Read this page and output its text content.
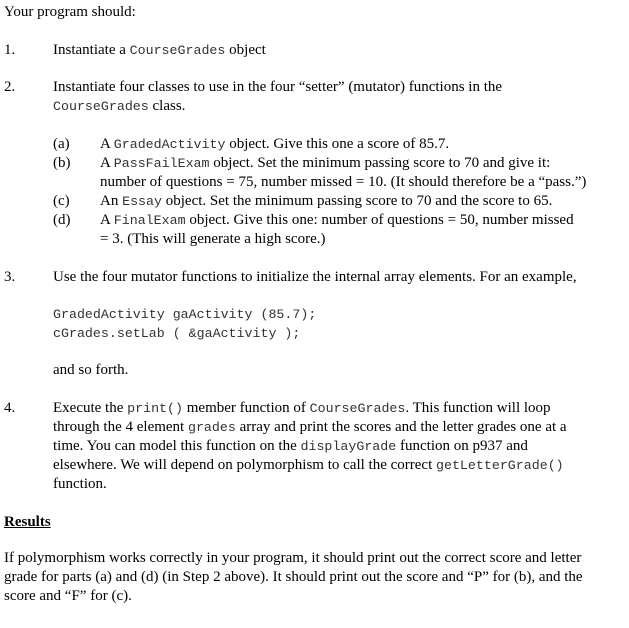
Your program should:
1.	Instantiate a CourseGrades object
2.	Instantiate four classes to use in the four “setter” (mutator) functions in the
CourseGrades class.
(a) A GradedActivity object. Give this one a score of 85.7.
(b) A PassFailExam object. Set the minimum passing score to 70 and give it:
number of questions = 75, number missed = 10. (It should therefore be a “pass.”)
(c) An Essay object. Set the minimum passing score to 70 and the score to 65.
(d) A FinalExam object. Give this one: number of questions = 50, number missed
= 3. (This will generate a high score.)
3.	Use the four mutator functions to initialize the internal array elements. For an example,
GradedActivity gaActivity (85.7);
cGrades.setLab ( &gaActivity );
and so forth.
4.	Execute the print() member function of CourseGrades. This function will loop
through the 4 element grades array and print the scores and the letter grades one at a
time. You can model this function on the displayGrade function on p937 and
elsewhere. We will depend on polymorphism to call the correct getLetterGrade()
function.
Results
If polymorphism works correctly in your program, it should print out the correct score and letter
grade for parts (a) and (d) (in Step 2 above). It should print out the score and “P” for (b), and the
score and “F” for (c).
